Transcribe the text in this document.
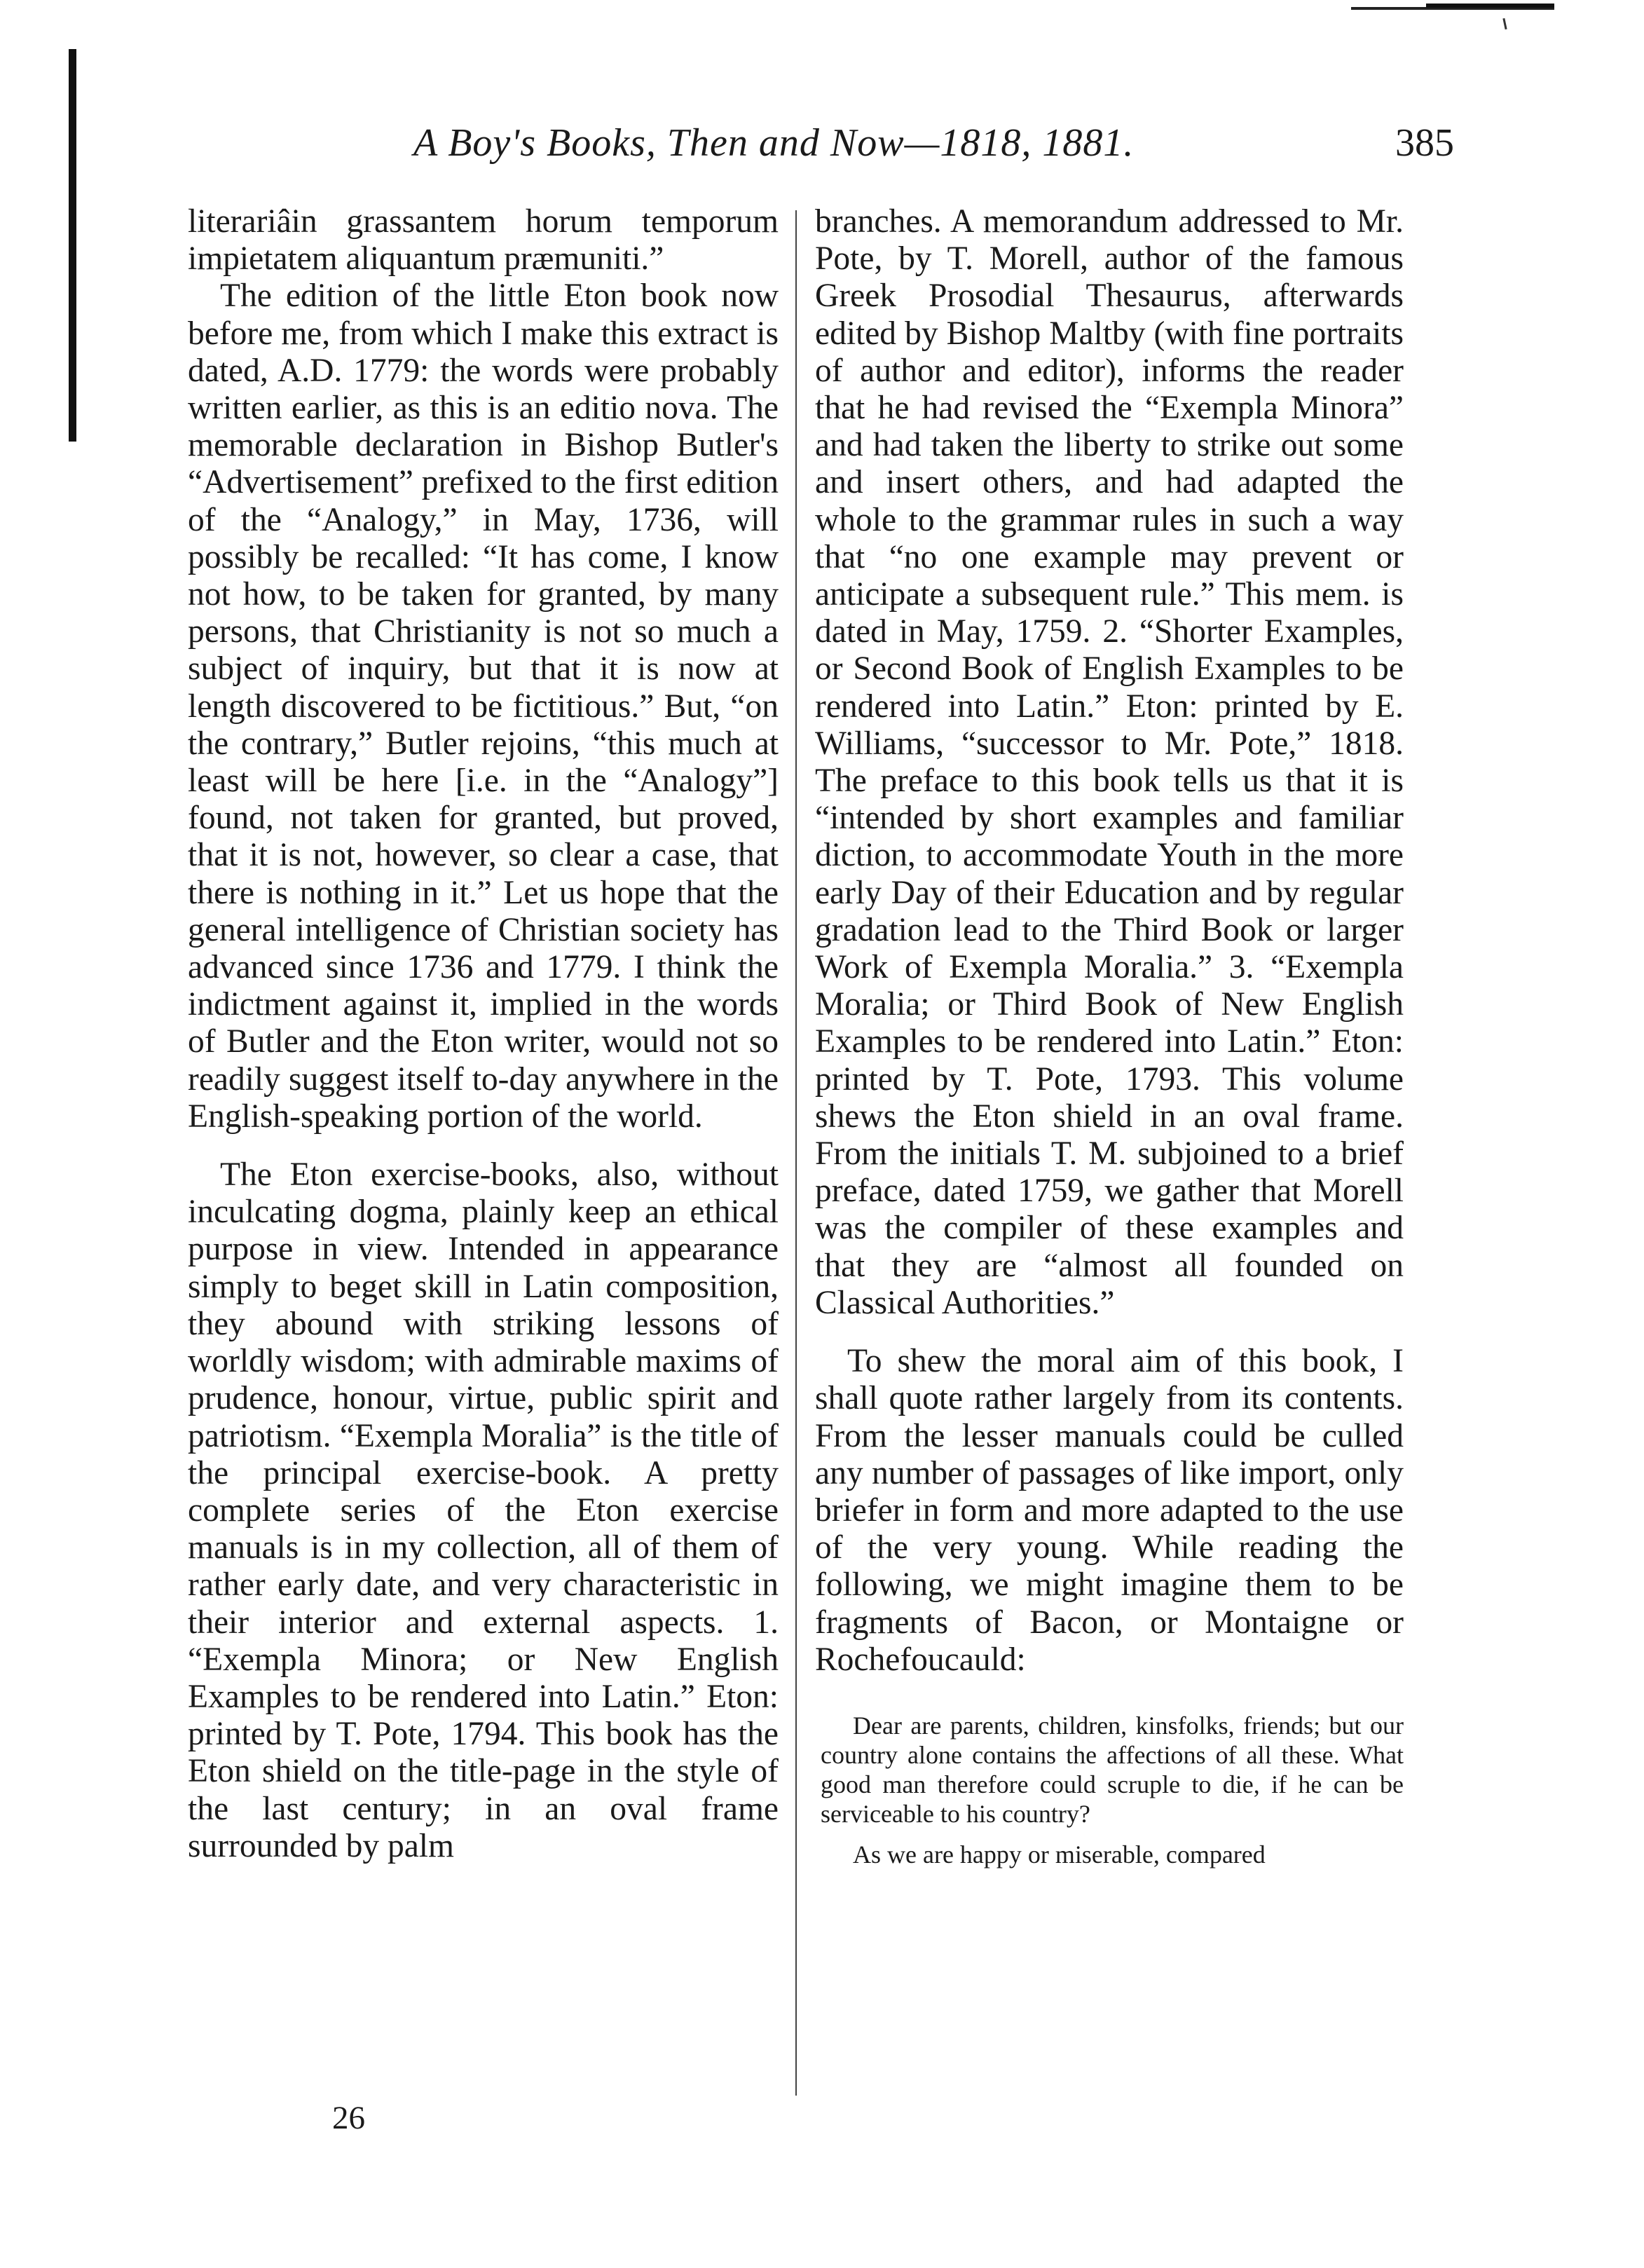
A Boy's Books, Then and Now—1818, 1881.	385

literariâin grassantem horum temporum impietatem aliquantum præmuniti.”

The edition of the little Eton book now before me, from which I make this extract is dated, A.D. 1779: the words were probably written earlier, as this is an editio nova. The memorable declaration in Bishop Butler's “Advertisement” prefixed to the first edition of the “Analogy,” in May, 1736, will possibly be recalled: “It has come, I know not how, to be taken for granted, by many persons, that Christianity is not so much a subject of inquiry, but that it is now at length discovered to be fictitious.” But, “on the contrary,” Butler rejoins, “this much at least will be here [i.e. in the “Analogy”] found, not taken for granted, but proved, that it is not, however, so clear a case, that there is nothing in it.” Let us hope that the general intelligence of Christian society has advanced since 1736 and 1779. I think the indictment against it, implied in the words of Butler and the Eton writer, would not so readily suggest itself to-day anywhere in the English-speaking portion of the world.

The Eton exercise-books, also, without inculcating dogma, plainly keep an ethical purpose in view. Intended in appearance simply to beget skill in Latin composition, they abound with striking lessons of worldly wisdom; with admirable maxims of prudence, honour, virtue, public spirit and patriotism. “Exempla Moralia” is the title of the principal exercise-book. A pretty complete series of the Eton exercise manuals is in my collection, all of them of rather early date, and very characteristic in their interior and external aspects. 1. “Exempla Minora; or New English Examples to be rendered into Latin.” Eton: printed by T. Pote, 1794. This book has the Eton shield on the title-page in the style of the last century; in an oval frame surrounded by palm

branches. A memorandum addressed to Mr. Pote, by T. Morell, author of the famous Greek Prosodial Thesaurus, afterwards edited by Bishop Maltby (with fine portraits of author and editor), informs the reader that he had revised the “Exempla Minora” and had taken the liberty to strike out some and insert others, and had adapted the whole to the grammar rules in such a way that “no one example may prevent or anticipate a subsequent rule.” This mem. is dated in May, 1759. 2. “Shorter Examples, or Second Book of English Examples to be rendered into Latin.” Eton: printed by E. Williams, “successor to Mr. Pote,” 1818. The preface to this book tells us that it is “intended by short examples and familiar diction, to accommodate Youth in the more early Day of their Education and by regular gradation lead to the Third Book or larger Work of Exempla Moralia.” 3. “Exempla Moralia; or Third Book of New English Examples to be rendered into Latin.” Eton: printed by T. Pote, 1793. This volume shews the Eton shield in an oval frame. From the initials T. M. subjoined to a brief preface, dated 1759, we gather that Morell was the compiler of these examples and that they are “almost all founded on Classical Authorities.”

To shew the moral aim of this book, I shall quote rather largely from its contents. From the lesser manuals could be culled any number of passages of like import, only briefer in form and more adapted to the use of the very young. While reading the following, we might imagine them to be fragments of Bacon, or Montaigne or Rochefoucauld:

Dear are parents, children, kinsfolks, friends; but our country alone contains the affections of all these. What good man therefore could scruple to die, if he can be serviceable to his country?

As we are happy or miserable, compared

26
